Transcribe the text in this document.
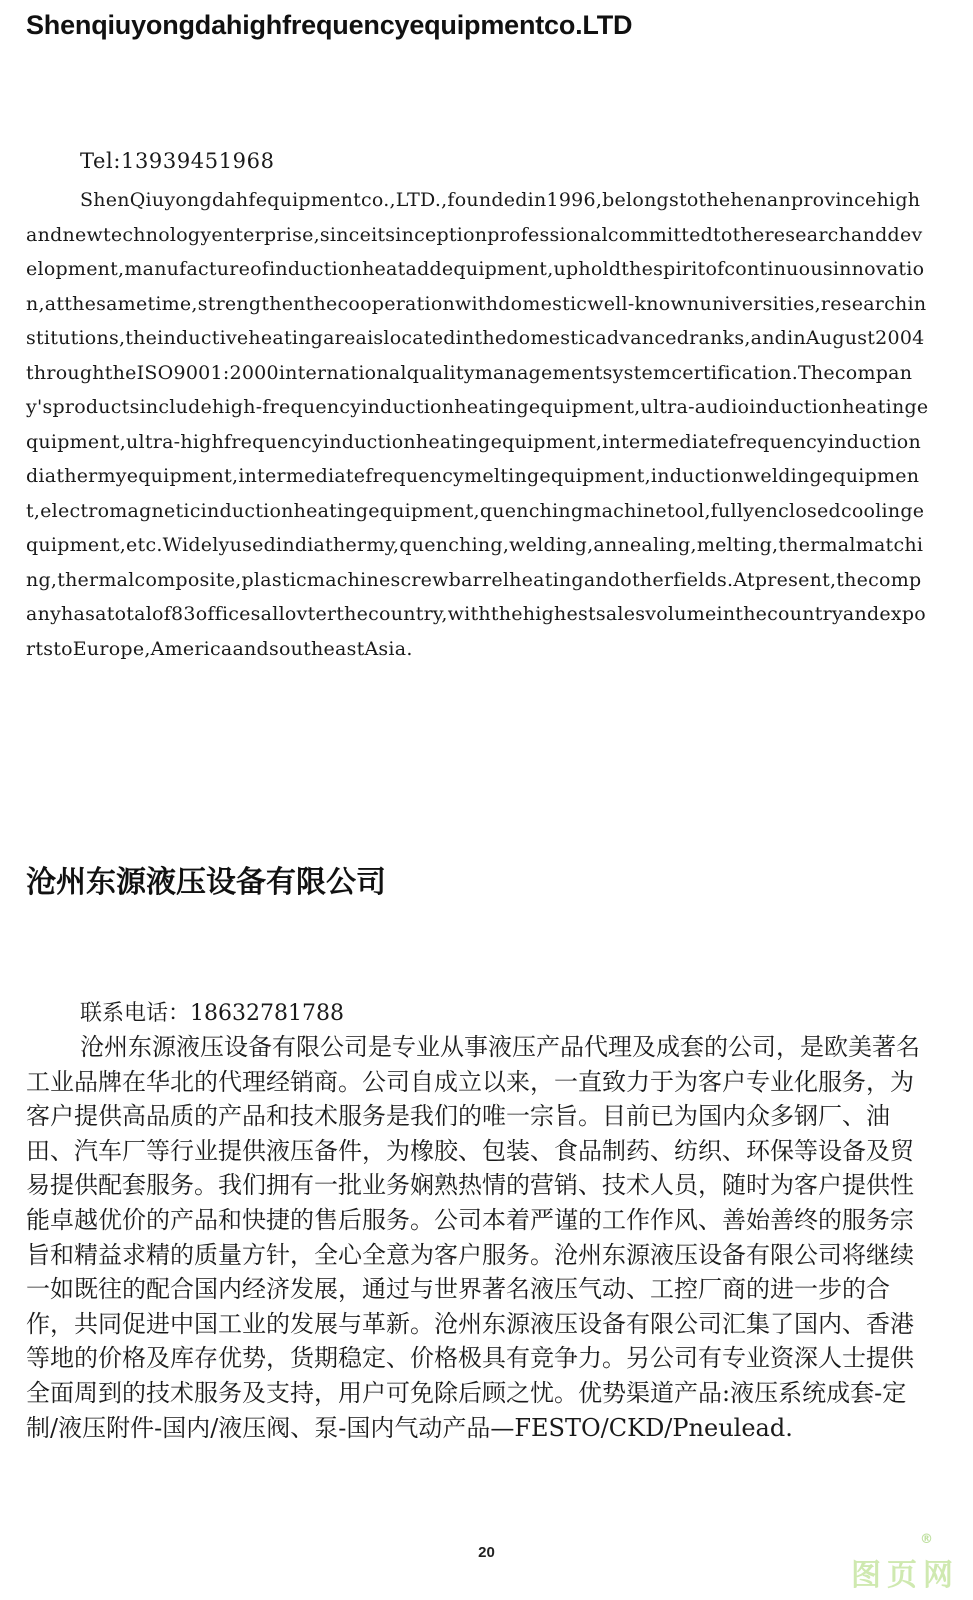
Shenqiuyongdahighfrequencyequipmentco.LTD
Tel:13939451968

ShenQiuyongdahfequipmentco.,LTD.,foundedin1996,belongstothehenanprovincehighandnewtechnologyenterprise,sinceitsinceptionprofessionalcommittedtotheresearchanddevelopment,manufactureofinductionheataddequipment,upholdthespiritofcontinuousinnovation,atthesametime,strengthenthecooperationwithdomesticwell-knownuniversities,researchinstitutions,theinductiveheatingareaislocatedinthedomesticadvancedranks,andinAugust2004throughtheISO9001:2000internationalqualitymanagementsystemcertification.Thecompany'sproductsincludehigh-frequencyinductionheatingequipment,ultra-audioinductionheatingequipment,ultra-highfrequencyinductionheatingequipment,intermediatefrequencyinductiondiathermyequipment,intermediatefrequencymeltingequipment,inductionweldingequipment,electromagneticinductionheatingequipment,quenchingmachinetool,fullyenclosedcoolingequipment,etc.Widelyusedindiathermy,quenching,welding,annealing,melting,thermalmatching,thermalcomposite,plasticmachinescrewbarrelheatingandotherfields.Atpresent,thecompanyhasatotalof83officesallovterthecountry,withthehighestsalesvolumeinthecountryandexportstoEurope,AmericaandsoutheastAsia.

沧州东源液压设备有限公司
联系电话：18632781788

沧州东源液压设备有限公司是专业从事液压产品代理及成套的公司，是欧美著名工业品牌在华北的代理经销商。公司自成立以来，一直致力于为客户专业化服务，为客户提供高品质的产品和技术服务是我们的唯一宗旨。目前已为国内众多钢厂、油田、汽车厂等行业提供液压备件，为橡胶、包装、食品制药、纺织、环保等设备及贸易提供配套服务。我们拥有一批业务娴熟热情的营销、技术人员，随时为客户提供性能卓越优价的产品和快捷的售后服务。公司本着严谨的工作作风、善始善终的服务宗旨和精益求精的质量方针，全心全意为客户服务。沧州东源液压设备有限公司将继续一如既往的配合国内经济发展，通过与世界著名液压气动、工控厂商的进一步的合作，共同促进中国工业的发展与革新。沧州东源液压设备有限公司汇集了国内、香港等地的价格及库存优势，货期稳定、价格极具有竞争力。另公司有专业资深人士提供全面周到的技术服务及支持，用户可免除后顾之忧。优势渠道产品:液压系统成套-定制/液压附件-国内/液压阀、泵-国内气动产品—FESTO/CKD/Pneulead.

20
图页网
®
